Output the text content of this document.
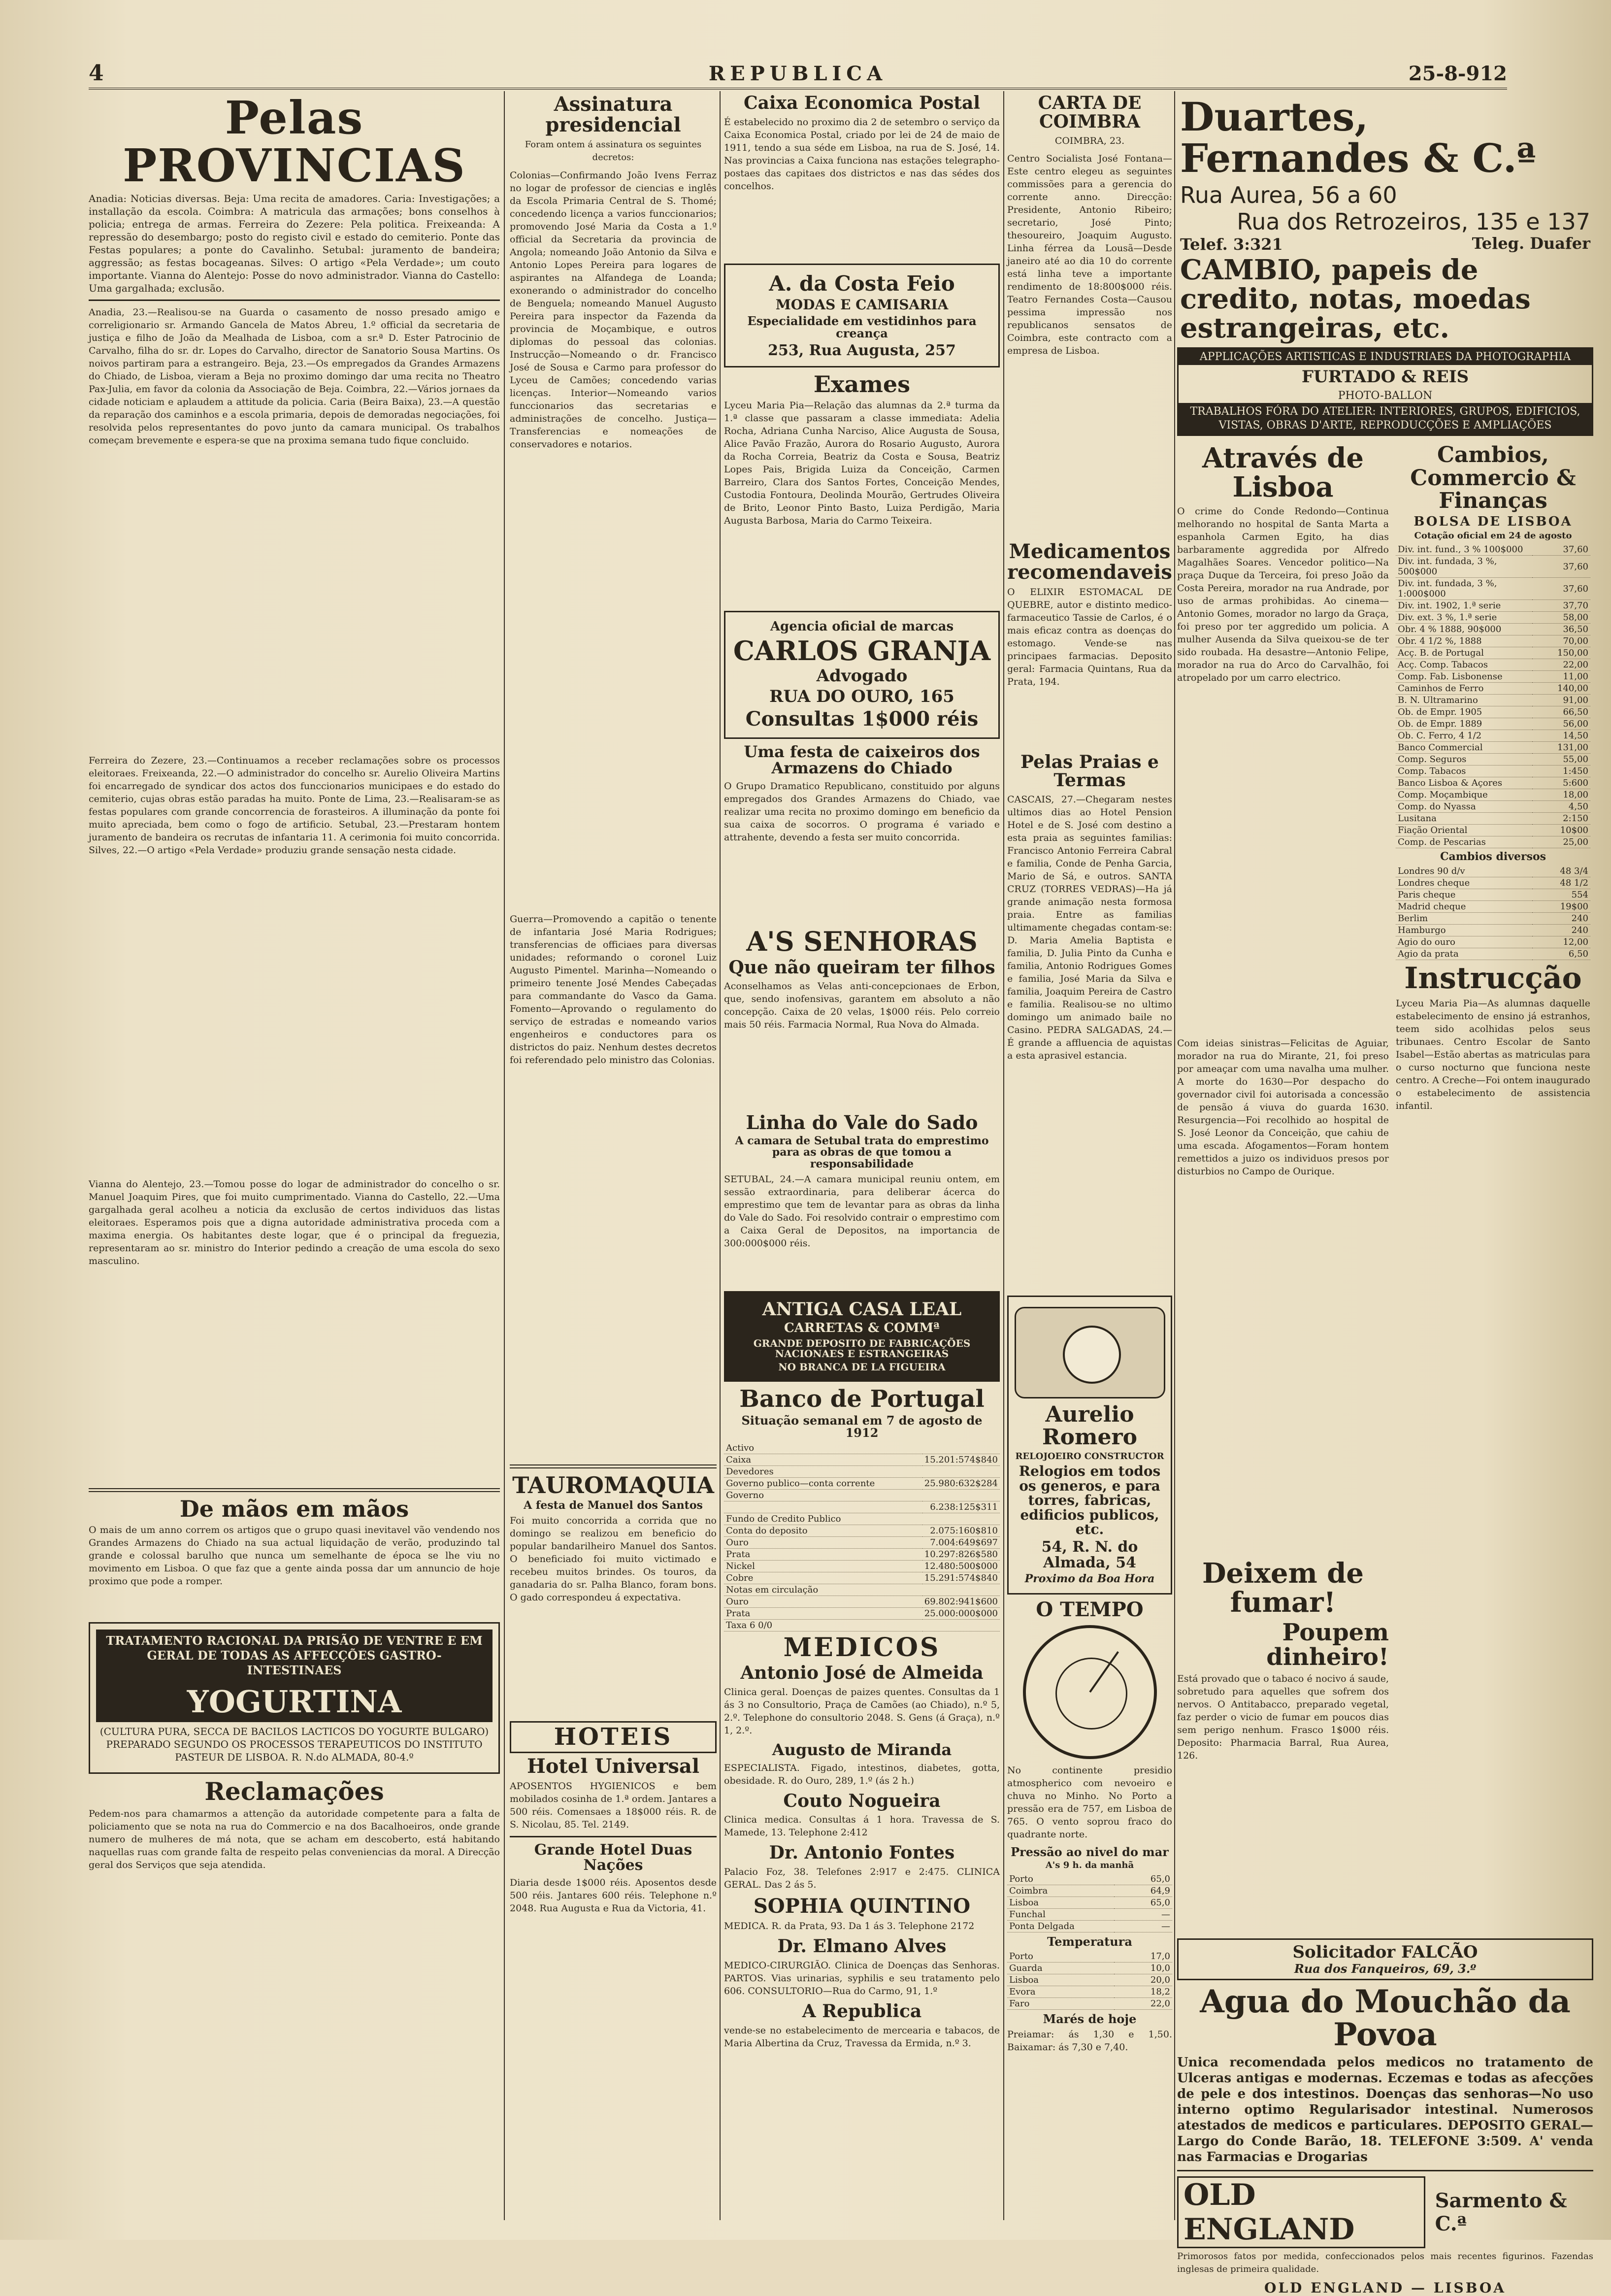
4	REPUBLICA	25-8-912
Pelas PROVINCIAS
Anadia: Noticias diversas. Beja: Uma recita de amadores. Caria: Investigações; a installação da escola. Coimbra: A matricula das armações; bons conselhos à policia; entrega de armas. Ferreira do Zezere: Pela politica. Freixeanda: A repressão do desembargo; posto do registo civil e estado do cemiterio. Ponte das Festas populares; a ponte do Cavalinho. Setubal: juramento de bandeira; aggressão; as festas bocageanas. Silves: O artigo «Pela Verdade»; um couto importante. Vianna do Alentejo: Posse do novo administrador. Vianna do Castello: Uma gargalhada; exclusão.
Anadia, 23.—Realisou-se na Guarda o casamento de nosso presado amigo e correligionario sr. Armando Gancela de Matos Abreu, 1.º official da secretaria de justiça e filho de João da Mealhada de Lisboa, com a sr.ª D. Ester Patrocinio de Carvalho, filha do sr. dr. Lopes do Carvalho, director de Sanatorio Sousa Martins. Os noivos partiram para a estrangeiro. Beja, 23.—Os empregados da Grandes Armazens do Chiado, de Lisboa, vieram a Beja no proximo domingo dar uma recita no Theatro Pax-Julia, em favor da colonia da Associação de Beja. Coimbra, 22.—Vários jornaes da cidade noticiam e aplaudem a attitude da policia. Caria (Beira Baixa), 23.—A questão da reparação dos caminhos e a escola primaria, depois de demoradas negociações, foi resolvida pelos representantes do povo junto da camara municipal. Os trabalhos começam brevemente e espera-se que na proxima semana tudo fique concluido.
Ferreira do Zezere, 23.—Continuamos a receber reclamações sobre os processos eleitoraes. Freixeanda, 22.—O administrador do concelho sr. Aurelio Oliveira Martins foi encarregado de syndicar dos actos dos funccionarios municipaes e do estado do cemiterio, cujas obras estão paradas ha muito. Ponte de Lima, 23.—Realisaram-se as festas populares com grande concorrencia de forasteiros. A illuminação da ponte foi muito apreciada, bem como o fogo de artificio. Setubal, 23.—Prestaram hontem juramento de bandeira os recrutas de infantaria 11. A cerimonia foi muito concorrida. Silves, 22.—O artigo «Pela Verdade» produziu grande sensação nesta cidade.
Vianna do Alentejo, 23.—Tomou posse do logar de administrador do concelho o sr. Manuel Joaquim Pires, que foi muito cumprimentado. Vianna do Castello, 22.—Uma gargalhada geral acolheu a noticia da exclusão de certos individuos das listas eleitoraes. Esperamos pois que a digna autoridade administrativa proceda com a maxima energia. Os habitantes deste logar, que é o principal da freguezia, representaram ao sr. ministro do Interior pedindo a creação de uma escola do sexo masculino.
De mãos em mãos
O mais de um anno correm os artigos que o grupo quasi inevitavel vão vendendo nos Grandes Armazens do Chiado na sua actual liquidação de verão, produzindo tal grande e colossal barulho que nunca um semelhante de época se lhe viu no movimento em Lisboa. O que faz que a gente ainda possa dar um annuncio de hoje proximo que pode a romper.
TRATAMENTO RACIONAL DA PRISÃO DE VENTRE E EM GERAL DE TODAS AS AFFECÇÕES GASTRO-INTESTINAES
YOGURTINA
(CULTURA PURA, SECCA DE BACILOS LACTICOS DO YOGURTE BULGARO) PREPARADO SEGUNDO OS PROCESSOS TERAPEUTICOS DO INSTITUTO PASTEUR DE LISBOA. R. N.do ALMADA, 80-4.º
Reclamações
Pedem-nos para chamarmos a attenção da autoridade competente para a falta de policiamento que se nota na rua do Commercio e na dos Bacalhoeiros, onde grande numero de mulheres de má nota, que se acham em descoberto, está habitando naquellas ruas com grande falta de respeito pelas conveniencias da moral. A Direcção geral dos Serviços que seja atendida.
Assinatura presidencial
Foram ontem á assinatura os seguintes decretos:
Colonias—Confirmando João Ivens Ferraz no logar de professor de ciencias e inglês da Escola Primaria Central de S. Thomé; concedendo licença a varios funccionarios; promovendo José Maria da Costa a 1.º official da Secretaria da provincia de Angola; nomeando João Antonio da Silva e Antonio Lopes Pereira para logares de aspirantes na Alfandega de Loanda; exonerando o administrador do concelho de Benguela; nomeando Manuel Augusto Pereira para inspector da Fazenda da provincia de Moçambique, e outros diplomas do pessoal das colonias. Instrucção—Nomeando o dr. Francisco José de Sousa e Carmo para professor do Lyceu de Camões; concedendo varias licenças. Interior—Nomeando varios funccionarios das secretarias e administrações de concelho. Justiça—Transferencias e nomeações de conservadores e notarios.
Guerra—Promovendo a capitão o tenente de infantaria José Maria Rodrigues; transferencias de officiaes para diversas unidades; reformando o coronel Luiz Augusto Pimentel. Marinha—Nomeando o primeiro tenente José Mendes Cabeçadas para commandante do Vasco da Gama. Fomento—Aprovando o regulamento do serviço de estradas e nomeando varios engenheiros e conductores para os districtos do paiz. Nenhum destes decretos foi referendado pelo ministro das Colonias.
TAUROMAQUIA
A festa de Manuel dos Santos
Foi muito concorrida a corrida que no domingo se realizou em beneficio do popular bandarilheiro Manuel dos Santos. O beneficiado foi muito victimado e recebeu muitos brindes. Os touros, da ganadaria do sr. Palha Blanco, foram bons. O gado correspondeu á expectativa.
HOTEIS
Hotel Universal
APOSENTOS HYGIENICOS e bem mobilados cosinha de 1.ª ordem. Jantares a 500 réis. Comensaes a 18$000 réis. R. de S. Nicolau, 85. Tel. 2149.
Grande Hotel Duas Nações
Diaria desde 1$000 réis. Aposentos desde 500 réis. Jantares 600 réis. Telephone n.º 2048. Rua Augusta e Rua da Victoria, 41.
Caixa Economica Postal
É estabelecido no proximo dia 2 de setembro o serviço da Caixa Economica Postal, criado por lei de 24 de maio de 1911, tendo a sua séde em Lisboa, na rua de S. José, 14. Nas provincias a Caixa funciona nas estações telegrapho-postaes das capitaes dos districtos e nas das sédes dos concelhos.
A. da Costa Feio
MODAS E CAMISARIA
Especialidade em vestidinhos para creança
253, Rua Augusta, 257
Exames
Lyceu Maria Pia—Relação das alumnas da 2.ª turma da 1.ª classe que passaram a classe immediata: Adelia Rocha, Adriana Cunha Narciso, Alice Augusta de Sousa, Alice Pavão Frazão, Aurora do Rosario Augusto, Aurora da Rocha Correia, Beatriz da Costa e Sousa, Beatriz Lopes Pais, Brigida Luiza da Conceição, Carmen Barreiro, Clara dos Santos Fortes, Conceição Mendes, Custodia Fontoura, Deolinda Mourão, Gertrudes Oliveira de Brito, Leonor Pinto Basto, Luiza Perdigão, Maria Augusta Barbosa, Maria do Carmo Teixeira.
Agencia oficial de marcas
CARLOS GRANJA
Advogado
RUA DO OURO, 165
Consultas 1$000 réis
Uma festa de caixeiros dos Armazens do Chiado
O Grupo Dramatico Republicano, constituido por alguns empregados dos Grandes Armazens do Chiado, vae realizar uma recita no proximo domingo em beneficio da sua caixa de socorros. O programa é variado e attrahente, devendo a festa ser muito concorrida.
A'S SENHORAS
Que não queiram ter filhos
Aconselhamos as Velas anti-concepcionaes de Erbon, que, sendo inofensivas, garantem em absoluto a não concepção. Caixa de 20 velas, 1$000 réis. Pelo correio mais 50 réis. Farmacia Normal, Rua Nova do Almada.
Linha do Vale do Sado
A camara de Setubal trata do emprestimo para as obras de que tomou a responsabilidade
SETUBAL, 24.—A camara municipal reuniu ontem, em sessão extraordinaria, para deliberar ácerca do emprestimo que tem de levantar para as obras da linha do Vale do Sado. Foi resolvido contrair o emprestimo com a Caixa Geral de Depositos, na importancia de 300:000$000 réis.
ANTIGA CASA LEAL
CARRETAS & COMMª
GRANDE DEPOSITO DE FABRICAÇÕES NACIONAES E ESTRANGEIRAS
NO BRANCA DE LA FIGUEIRA
Banco de Portugal
Situação semanal em 7 de agosto de 1912
Activo	
Caixa	15.201:574$840
Devedores	
Governo publico—conta corrente	25.980:632$284
Governo	
	6.238:125$311
Fundo de Credito Publico	
Conta do deposito	2.075:160$810
Ouro	7.004:649$697
Prata	10.297:826$580
Nickel	12.480:500$000
Cobre	15.291:574$840
Notas em circulação	
Ouro	69.802:941$600
Prata	25.000:000$000
Taxa 6 0/0	
MEDICOS
Antonio José de Almeida
Clinica geral. Doenças de paizes quentes. Consultas da 1 ás 3 no Consultorio, Praça de Camões (ao Chiado), n.º 5, 2.º. Telephone do consultorio 2048. S. Gens (á Graça), n.º 1, 2.º.
Augusto de Miranda
ESPECIALISTA. Figado, intestinos, diabetes, gotta, obesidade. R. do Ouro, 289, 1.º (ás 2 h.)
Couto Nogueira
Clinica medica. Consultas á 1 hora. Travessa de S. Mamede, 13. Telephone 2:412
Dr. Antonio Fontes
Palacio Foz, 38. Telefones 2:917 e 2:475. CLINICA GERAL. Das 2 ás 5.
SOPHIA QUINTINO
MEDICA. R. da Prata, 93. Da 1 ás 3. Telephone 2172
Dr. Elmano Alves
MEDICO-CIRURGIÃO. Clinica de Doenças das Senhoras. PARTOS. Vias urinarias, syphilis e seu tratamento pelo 606. CONSULTORIO—Rua do Carmo, 91, 1.º
A Republica
vende-se no estabelecimento de mercearia e tabacos, de Maria Albertina da Cruz, Travessa da Ermida, n.º 3.
CARTA DE COIMBRA
COIMBRA, 23.
Centro Socialista José Fontana—Este centro elegeu as seguintes commissões para a gerencia do corrente anno. Direcção: Presidente, Antonio Ribeiro; secretario, José Pinto; thesoureiro, Joaquim Augusto. Linha férrea da Lousã—Desde janeiro até ao dia 10 do corrente está linha teve a importante rendimento de 18:800$000 réis. Teatro Fernandes Costa—Causou pessima impressão nos republicanos sensatos de Coimbra, este contracto com a empresa de Lisboa.
Medicamentos recomendaveis
O ELIXIR ESTOMACAL DE QUEBRE, autor e distinto medico-farmaceutico Tassie de Carlos, é o mais eficaz contra as doenças do estomago. Vende-se nas principaes farmacias. Deposito geral: Farmacia Quintans, Rua da Prata, 194.
Pelas Praias e Termas
CASCAIS, 27.—Chegaram nestes ultimos dias ao Hotel Pension Hotel e de S. José com destino a esta praia as seguintes familias: Francisco Antonio Ferreira Cabral e familia, Conde de Penha Garcia, Mario de Sá, e outros. SANTA CRUZ (TORRES VEDRAS)—Ha já grande animação nesta formosa praia. Entre as familias ultimamente chegadas contam-se: D. Maria Amelia Baptista e familia, D. Julia Pinto da Cunha e familia, Antonio Rodrigues Gomes e familia, José Maria da Silva e familia, Joaquim Pereira de Castro e familia. Realisou-se no ultimo domingo um animado baile no Casino. PEDRA SALGADAS, 24.—É grande a affluencia de aquistas a esta aprasivel estancia.
Aurelio Romero
RELOJOEIRO CONSTRUCTOR
Relogios em todos os generos, e para torres, fabricas, edificios publicos, etc.
54, R. N. do Almada, 54
Proximo da Boa Hora
O TEMPO
No continente presidio atmospherico com nevoeiro e chuva no Minho. No Porto a pressão era de 757, em Lisboa de 765. O vento soprou fraco do quadrante norte.
Pressão ao nivel do mar
A's 9 h. da manhã
Porto	65,0
Coimbra	64,9
Lisboa	65,0
Funchal	—
Ponta Delgada	—
Temperatura
Porto	17,0
Guarda	10,0
Lisboa	20,0
Evora	18,2
Faro	22,0
Marés de hoje
Preiamar: ás 1,30 e 1,50. Baixamar: ás 7,30 e 7,40.
Duartes, Fernandes & C.ª
Rua Aurea, 56 a 60
Rua dos Retrozeiros, 135 e 137
Telef. 3:321	Teleg. Duafer
CAMBIO, papeis de credito, notas, moedas estrangeiras, etc.
APPLICAÇÕES ARTISTICAS E INDUSTRIAES DA PHOTOGRAPHIA
FURTADO & REIS
PHOTO-BALLON
TRABALHOS FÓRA DO ATELIER: INTERIORES, GRUPOS, EDIFICIOS, VISTAS, OBRAS D'ARTE, REPRODUCÇÕES E AMPLIAÇÕES
Através de Lisboa
O crime do Conde Redondo—Continua melhorando no hospital de Santa Marta a espanhola Carmen Egito, ha dias barbaramente aggredida por Alfredo Magalhães Soares. Vencedor politico—Na praça Duque da Terceira, foi preso João da Costa Pereira, morador na rua Andrade, por uso de armas prohibidas. Ao cinema—Antonio Gomes, morador no largo da Graça, foi preso por ter aggredido um policia. A mulher Ausenda da Silva queixou-se de ter sido roubada. Ha desastre—Antonio Felipe, morador na rua do Arco do Carvalhão, foi atropelado por um carro electrico.
Com ideias sinistras—Felicitas de Aguiar, morador na rua do Mirante, 21, foi preso por ameaçar com uma navalha uma mulher. A morte do 1630—Por despacho do governador civil foi autorisada a concessão de pensão á viuva do guarda 1630. Resurgencia—Foi recolhido ao hospital de S. José Leonor da Conceição, que cahiu de uma escada. Afogamentos—Foram hontem remettidos a juizo os individuos presos por disturbios no Campo de Ourique.
Deixem de fumar!
Poupem dinheiro!
Está provado que o tabaco é nocivo á saude, sobretudo para aquelles que sofrem dos nervos. O Antitabacco, preparado vegetal, faz perder o vicio de fumar em poucos dias sem perigo nenhum. Frasco 1$000 réis. Deposito: Pharmacia Barral, Rua Aurea, 126.
Cambios, Commercio & Finanças
BOLSA DE LISBOA
Cotação oficial em 24 de agosto
Div. int. fund., 3 % 100$000	37,60
Div. int. fundada, 3 %, 500$000	37,60
Div. int. fundada, 3 %, 1:000$000	37,60
Div. int. 1902, 1.ª serie	37,70
Div. ext. 3 %, 1.ª serie	58,00
Obr. 4 % 1888, 90$000	36,50
Obr. 4 1/2 %, 1888	70,00
Acç. B. de Portugal	150,00
Acç. Comp. Tabacos	22,00
Comp. Fab. Lisbonense	11,00
Caminhos de Ferro	140,00
B. N. Ultramarino	91,00
Ob. de Empr. 1905	66,50
Ob. de Empr. 1889	56,00
Ob. C. Ferro, 4 1/2	14,50
Banco Commercial	131,00
Comp. Seguros	55,00
Comp. Tabacos	1:450
Banco Lisboa & Açores	5:600
Comp. Moçambique	18,00
Comp. do Nyassa	4,50
Lusitana	2:150
Fiação Oriental	10$00
Comp. de Pescarias	25,00
Cambios diversos
Londres 90 d/v	48 3/4
Londres cheque	48 1/2
Paris cheque	554
Madrid cheque	19$00
Berlim	240
Hamburgo	240
Agio do ouro	12,00
Agio da prata	6,50
Instrucção
Lyceu Maria Pia—As alumnas daquelle estabelecimento de ensino já estranhos, teem sido acolhidas pelos seus tribunaes. Centro Escolar de Santo Isabel—Estão abertas as matriculas para o curso nocturno que funciona neste centro. A Creche—Foi ontem inaugurado o estabelecimento de assistencia infantil.
Solicitador FALCÃO
Rua dos Fanqueiros, 69, 3.º
Agua do Mouchão da Povoa
Unica recomendada pelos medicos no tratamento de Ulceras antigas e modernas. Eczemas e todas as afecções de pele e dos intestinos. Doenças das senhoras—No uso interno optimo Regularisador intestinal. Numerosos atestados de medicos e particulares. DEPOSITO GERAL—Largo do Conde Barão, 18. TELEFONE 3:509. A' venda nas Farmacias e Drogarias
OLD ENGLAND
Sarmento & C.ª
Primorosos fatos por medida, confeccionados pelos mais recentes figurinos. Fazendas inglesas de primeira qualidade.
OLD ENGLAND — LISBOA
